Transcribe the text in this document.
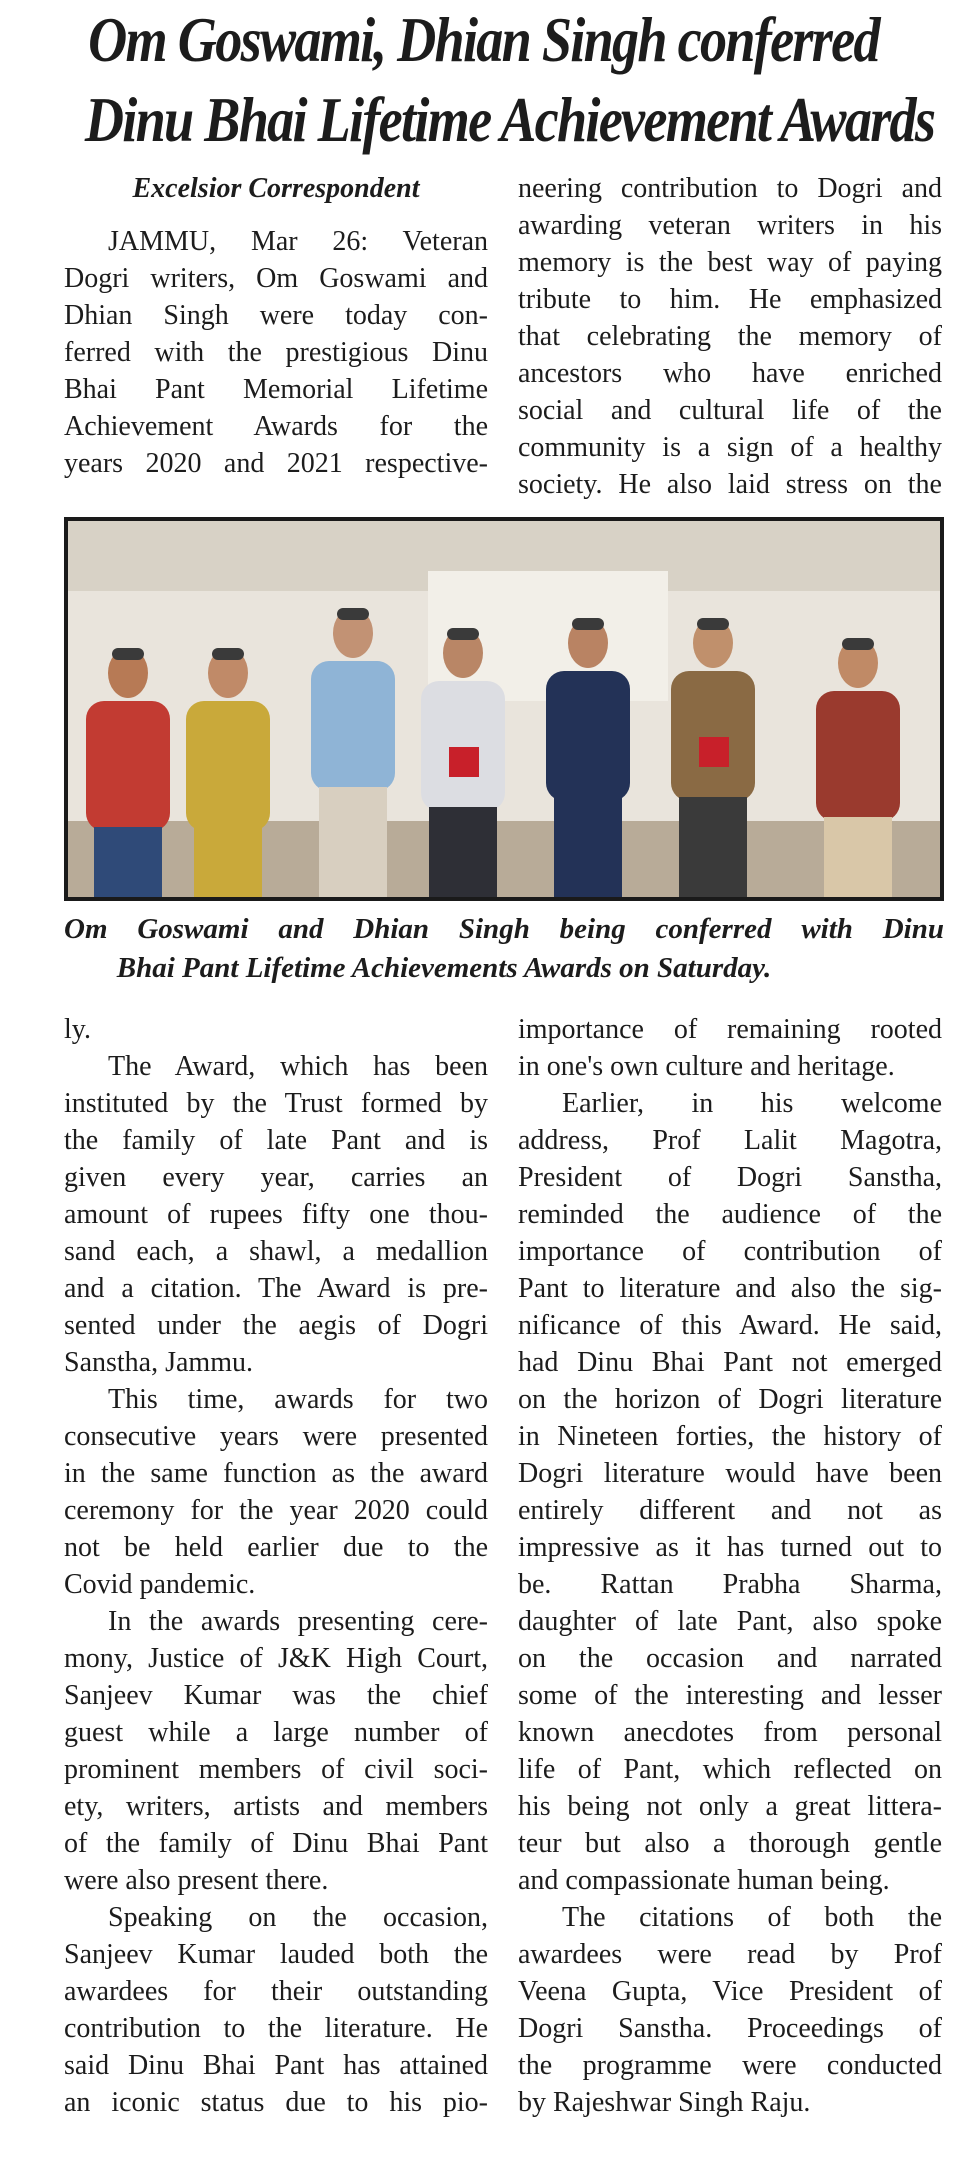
Om Goswami, Dhian Singh conferred
Dinu Bhai Lifetime Achievement Awards
Excelsior Correspondent
JAMMU, Mar 26: Veteran
Dogri writers, Om Goswami and
Dhian Singh were today con-
ferred with the prestigious Dinu
Bhai Pant Memorial Lifetime
Achievement Awards for the
years 2020 and 2021 respective-
neering contribution to Dogri and
awarding veteran writers in his
memory is the best way of paying
tribute to him. He emphasized
that celebrating the memory of
ancestors who have enriched
social and cultural life of the
community is a sign of a healthy
society. He also laid stress on the
Om Goswami and Dhian Singh being conferred with Dinu
Bhai Pant Lifetime Achievements Awards on Saturday.
ly.
The Award, which has been
instituted by the Trust formed by
the family of late Pant and is
given every year, carries an
amount of rupees fifty one thou-
sand each, a shawl, a medallion
and a citation. The Award is pre-
sented under the aegis of Dogri
Sanstha, Jammu.
This time, awards for two
consecutive years were presented
in the same function as the award
ceremony for the year 2020 could
not be held earlier due to the
Covid pandemic.
In the awards presenting cere-
mony, Justice of J&K High Court,
Sanjeev Kumar was the chief
guest while a large number of
prominent members of civil soci-
ety, writers, artists and members
of the family of Dinu Bhai Pant
were also present there.
Speaking on the occasion,
Sanjeev Kumar lauded both the
awardees for their outstanding
contribution to the literature. He
said Dinu Bhai Pant has attained
an iconic status due to his pio-
importance of remaining rooted
in one's own culture and heritage.
Earlier, in his welcome
address, Prof Lalit Magotra,
President of Dogri Sanstha,
reminded the audience of the
importance of contribution of
Pant to literature and also the sig-
nificance of this Award. He said,
had Dinu Bhai Pant not emerged
on the horizon of Dogri literature
in Nineteen forties, the history of
Dogri literature would have been
entirely different and not as
impressive as it has turned out to
be. Rattan Prabha Sharma,
daughter of late Pant, also spoke
on the occasion and narrated
some of the interesting and lesser
known anecdotes from personal
life of Pant, which reflected on
his being not only a great littera-
teur but also a thorough gentle
and compassionate human being.
The citations of both the
awardees were read by Prof
Veena Gupta, Vice President of
Dogri Sanstha. Proceedings of
the programme were conducted
by Rajeshwar Singh Raju.
